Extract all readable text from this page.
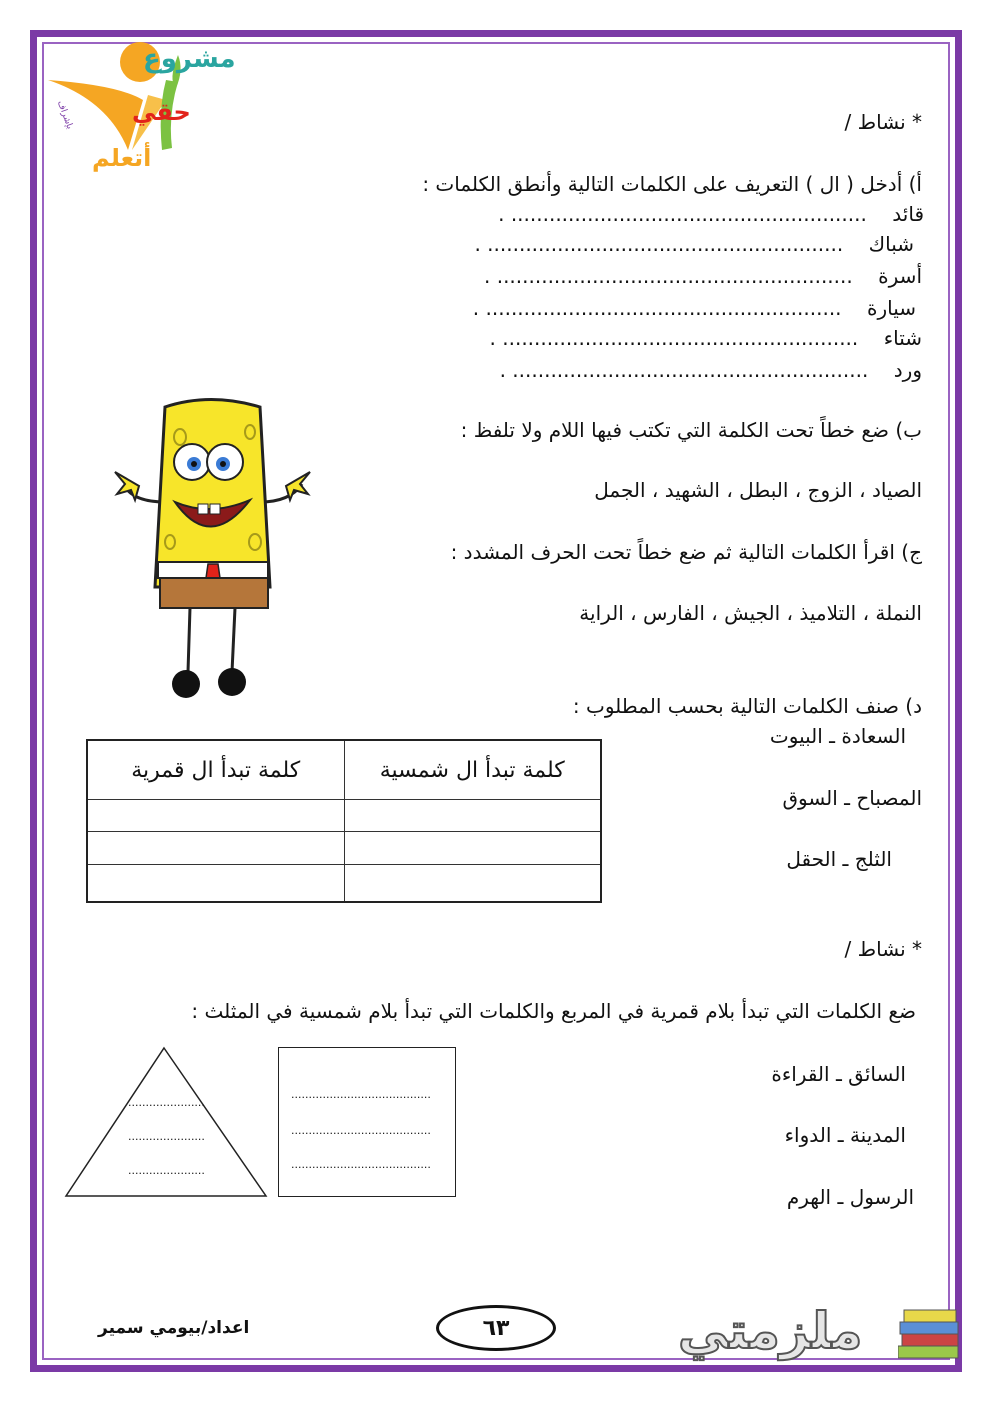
مشروع
حقي
أتعلم
بإشراف	* نشاط /
أ) أدخل ( ال ) التعريف على الكلمات التالية وأنطق الكلمات :
قائد    ........................................................ .
شباك    ........................................................ .
أسرة    ........................................................ .
سيارة    ........................................................ .
شتاء    ........................................................ .
ورد    ........................................................ .
ب) ضع خطاً تحت الكلمة التي تكتب فيها اللام ولا تلفظ :
الصياد ، الزوج ، البطل ، الشهيد ، الجمل
ج) اقرأ الكلمات التالية ثم ضع خطاً تحت الحرف المشدد :
النملة ، التلاميذ ، الجيش ، الفارس ، الراية
د) صنف الكلمات التالية بحسب المطلوب :
السعادة ـ البيوت
المصباح ـ السوق
الثلج ـ الحقل
كلمة تبدأ ال قمرية	كلمة تبدأ ال شمسية

* نشاط /
ضع الكلمات التي تبدأ بلام قمرية في المربع والكلمات التي تبدأ بلام شمسية في المثلث :
السائق ـ القراءة
المدينة ـ الدواء
الرسول ـ الهرم
........................................
........................................
........................................
......................
......................
......................
اعداد/بيومي سمير	٦٣	ملزمتي
